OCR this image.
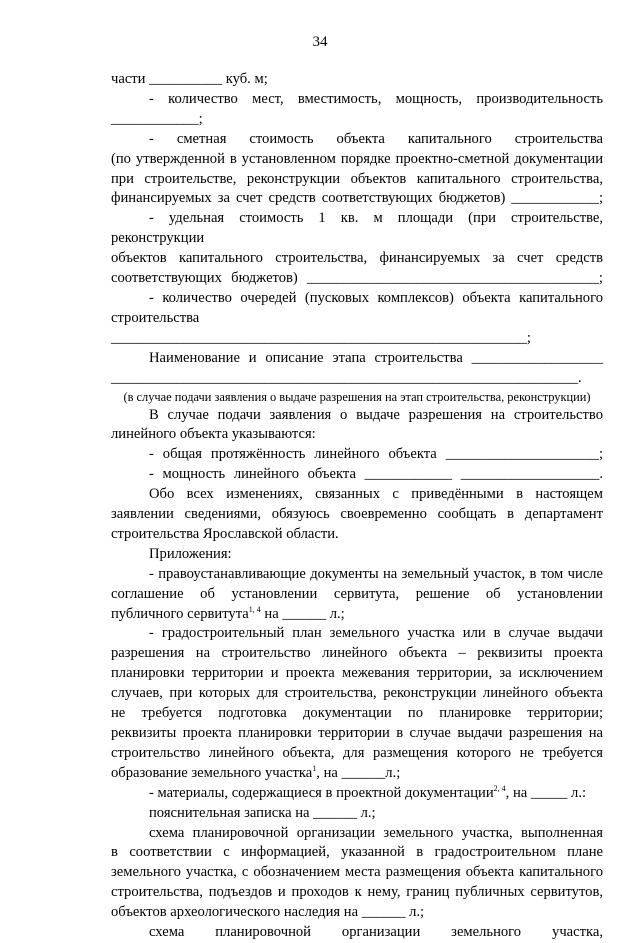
34

части __________ куб. м;

- количество мест, вместимость, мощность, производительность

____________;

- сметная стоимость объекта капитального строительства

(по утвержденной в установленном порядке проектно-сметной документации

при строительстве, реконструкции объектов капитального строительства,

финансируемых за счет средств соответствующих бюджетов) ____________;

- удельная стоимость 1 кв. м площади (при строительстве,

реконструкции

объектов капитального строительства, финансируемых за счет средств

соответствующих бюджетов) ________________________________________;

- количество очередей (пусковых комплексов) объекта капитального

строительства

_________________________________________________________;

Наименование и описание этапа строительства __________________

________________________________________________________________.

(в случае подачи заявления о выдаче разрешения на этап строительства, реконструкции)

В случае подачи заявления о выдаче разрешения на строительство

линейного объекта указываются:

- общая протяжённость линейного объекта _____________________;

- мощность линейного объекта ____________ ___________________.

Обо всех изменениях, связанных с приведёнными в настоящем

заявлении сведениями, обязуюсь своевременно сообщать в департамент

строительства Ярославской области.

Приложения:

- правоустанавливающие документы на земельный участок, в том числе

соглашение об установлении сервитута, решение об установлении

публичного сервитута$^{1, 4}$ на ______ л.;

- градостроительный план земельного участка или в случае выдачи

разрешения на строительство линейного объекта – реквизиты проекта

планировки территории и проекта межевания территории, за исключением

случаев, при которых для строительства, реконструкции линейного объекта

не требуется подготовка документации по планировке территории;

реквизиты проекта планировки территории в случае выдачи разрешения на

строительство линейного объекта, для размещения которого не требуется

образование земельного участка$^1$, на ______л.;

- материалы, содержащиеся в проектной документации$^{2, 4}$, на _____ л.:

пояснительная записка на ______ л.;

схема планировочной организации земельного участка, выполненная

в соответствии с информацией, указанной в градостроительном плане

земельного участка, с обозначением места размещения объекта капитального

строительства, подъездов и проходов к нему, границ публичных сервитутов,

объектов археологического наследия на ______ л.;

схема планировочной организации земельного участка,
